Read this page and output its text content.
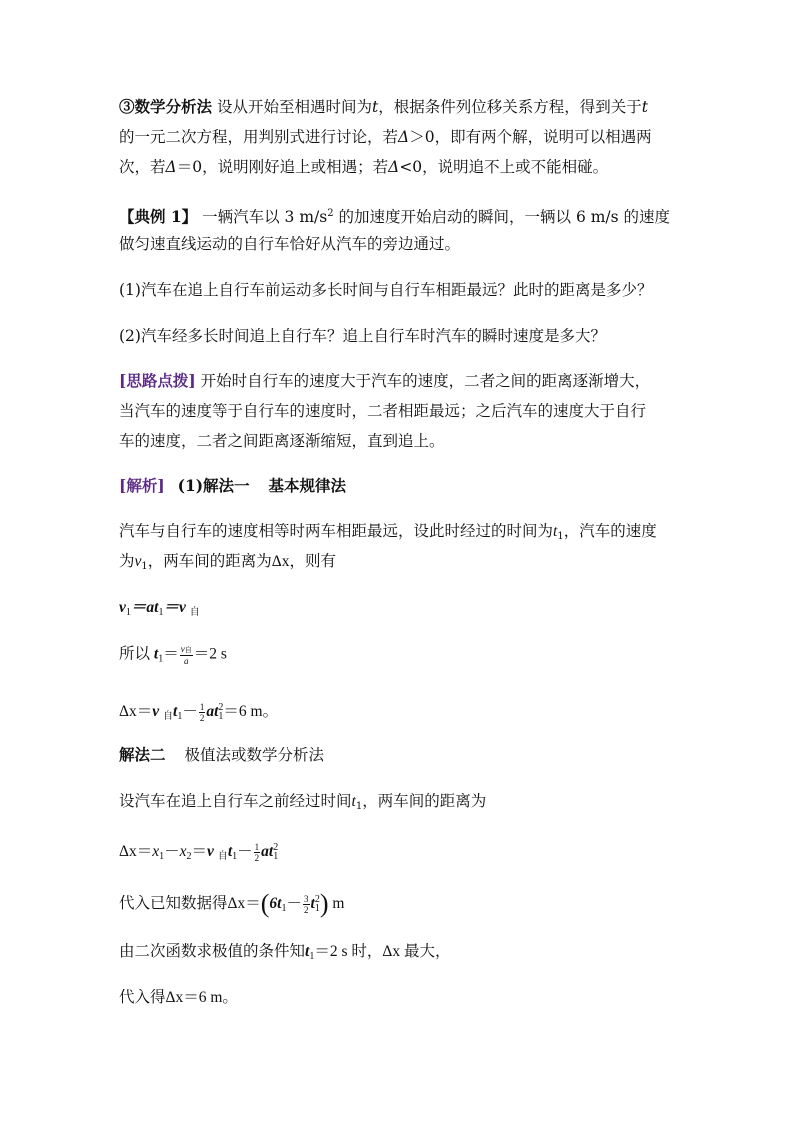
③数学分析法 设从开始至相遇时间为t，根据条件列位移关系方程，得到关于t
的一元二次方程，用判别式进行讨论，若Δ＞0，即有两个解，说明可以相遇两
次，若Δ＝0，说明刚好追上或相遇；若Δ<0，说明追不上或不能相碰。
【典例 1】 一辆汽车以 3 $m/s^2$ 的加速度开始启动的瞬间，一辆以 6 m/s 的速度
做匀速直线运动的自行车恰好从汽车的旁边通过。
(1)汽车在追上自行车前运动多长时间与自行车相距最远？此时的距离是多少？
(2)汽车经多长时间追上自行车？追上自行车时汽车的瞬时速度是多大？
[思路点拨] 开始时自行车的速度大于汽车的速度，二者之间的距离逐渐增大，
当汽车的速度等于自行车的速度时，二者相距最远；之后汽车的速度大于自行
车的速度，二者之间距离逐渐缩短，直到追上。
[解析] (1)解法一 基本规律法
汽车与自行车的速度相等时两车相距最远，设此时经过的时间为$t_1$，汽车的速度
为$v_1$，两车间的距离为Δx，则有
$v_1=at_1=v$ $_自$
所以 $t_1= \frac{\text{v自}}{a} =2$ s
Δx＝v $_自t_1- \frac{1}{2} at_1^2=6$ m。
解法二 极值法或数学分析法
设汽车在追上自行车之前经过时间$t_1$，两车间的距离为
$\Delta x=x_1-x_2=v$ $_自t_1- \frac{1}{2} at_1^2$
代入已知数据得$\Delta x=(6t_1- \frac{3}{2} t_1^2)$ m
由二次函数求极值的条件知$t_1=2$ s 时，Δx 最大，
代入得Δx＝6 m。
